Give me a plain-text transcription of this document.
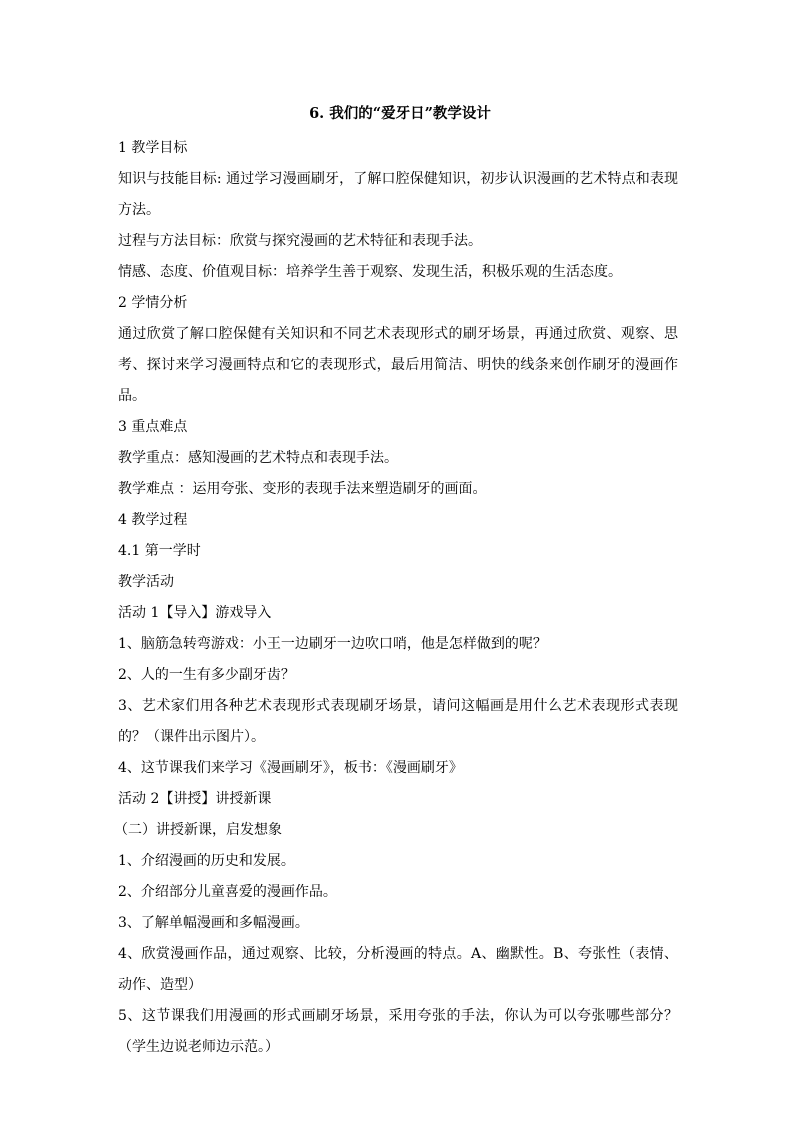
6. 我们的“爱牙日”教学设计

1 教学目标

知识与技能目标: 通过学习漫画刷牙，了解口腔保健知识，初步认识漫画的艺术特点和表现方法。

过程与方法目标：欣赏与探究漫画的艺术特征和表现手法。

情感、态度、价值观目标：培养学生善于观察、发现生活，积极乐观的生活态度。

2 学情分析

通过欣赏了解口腔保健有关知识和不同艺术表现形式的刷牙场景，再通过欣赏、观察、思考、探讨来学习漫画特点和它的表现形式，最后用简洁、明快的线条来创作刷牙的漫画作品。

3 重点难点

教学重点：感知漫画的艺术特点和表现手法。

教学难点 ：运用夸张、变形的表现手法来塑造刷牙的画面。

4 教学过程

4.1 第一学时

教学活动

活动 1【导入】游戏导入

1、脑筋急转弯游戏：小王一边刷牙一边吹口哨，他是怎样做到的呢？

2、人的一生有多少副牙齿？

3、艺术家们用各种艺术表现形式表现刷牙场景，请问这幅画是用什么艺术表现形式表现的？（课件出示图片）。

4、这节课我们来学习《漫画刷牙》，板书：《漫画刷牙》

活动 2【讲授】讲授新课

（二）讲授新课，启发想象

1、介绍漫画的历史和发展。

2、介绍部分儿童喜爱的漫画作品。

3、了解单幅漫画和多幅漫画。

4、欣赏漫画作品，通过观察、比较，分析漫画的特点。A、幽默性。B、夸张性（表情、动作、造型）

5、这节课我们用漫画的形式画刷牙场景，采用夸张的手法，你认为可以夸张哪些部分？（学生边说老师边示范。）
